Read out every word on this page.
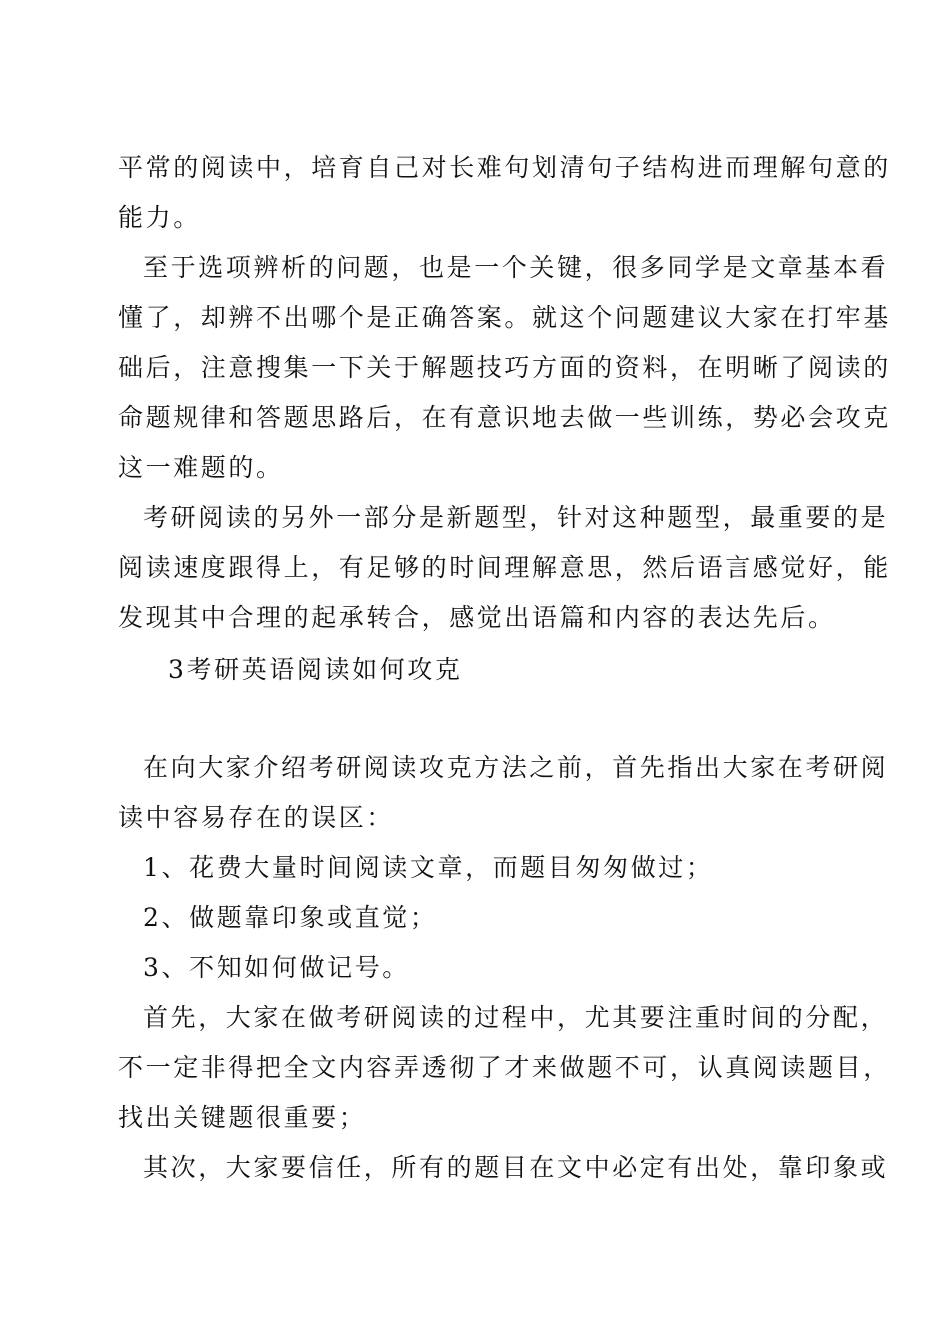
平常的阅读中，培育自己对长难句划清句子结构进而理解句意的
能力。
至于选项辨析的问题，也是一个关键，很多同学是文章基本看
懂了，却辨不出哪个是正确答案。就这个问题建议大家在打牢基
础后，注意搜集一下关于解题技巧方面的资料，在明晰了阅读的
命题规律和答题思路后，在有意识地去做一些训练，势必会攻克
这一难题的。
考研阅读的另外一部分是新题型，针对这种题型，最重要的是
阅读速度跟得上，有足够的时间理解意思，然后语言感觉好，能
发现其中合理的起承转合，感觉出语篇和内容的表达先后。
3考研英语阅读如何攻克
在向大家介绍考研阅读攻克方法之前，首先指出大家在考研阅
读中容易存在的误区：
1、花费大量时间阅读文章，而题目匆匆做过；
2、做题靠印象或直觉；
3、不知如何做记号。
首先，大家在做考研阅读的过程中，尤其要注重时间的分配，
不一定非得把全文内容弄透彻了才来做题不可，认真阅读题目，
找出关键题很重要；
其次，大家要信任，所有的题目在文中必定有出处，靠印象或
